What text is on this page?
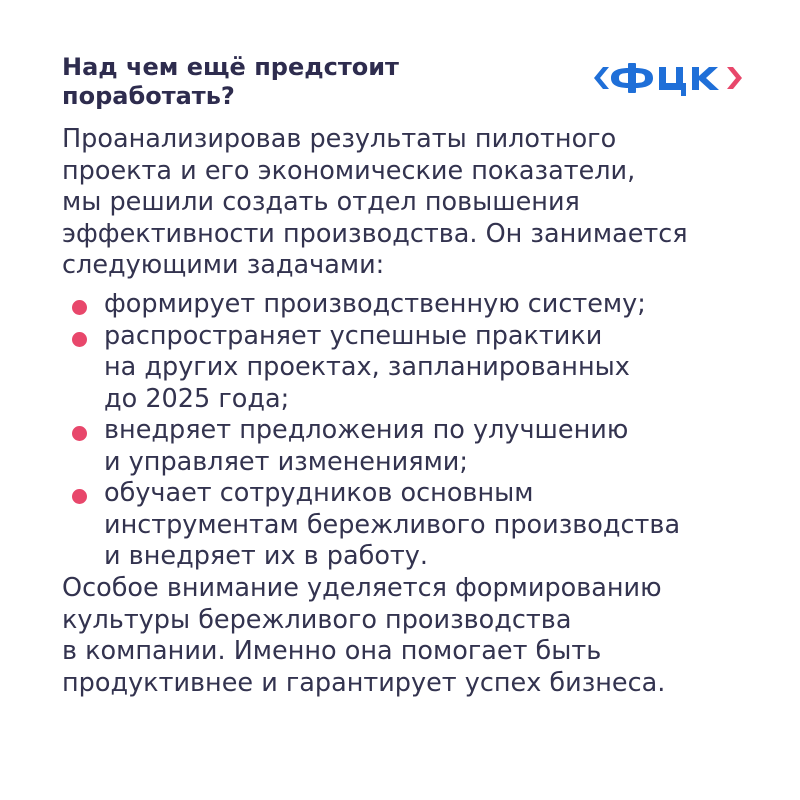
Над чем ещё предстоит
поработать?

Проанализировав результаты пилотного
проекта и его экономические показатели,
мы решили создать отдел повышения
эффективности производства. Он занимается
следующими задачами:

формирует производственную систему;
распространяет успешные практики
на других проектах, запланированных
до 2025 года;
внедряет предложения по улучшению
и управляет изменениями;
обучает сотрудников основным
инструментам бережливого производства
и внедряет их в работу.

Особое внимание уделяется формированию
культуры бережливого производства
в компании. Именно она помогает быть
продуктивнее и гарантирует успех бизнеса.
